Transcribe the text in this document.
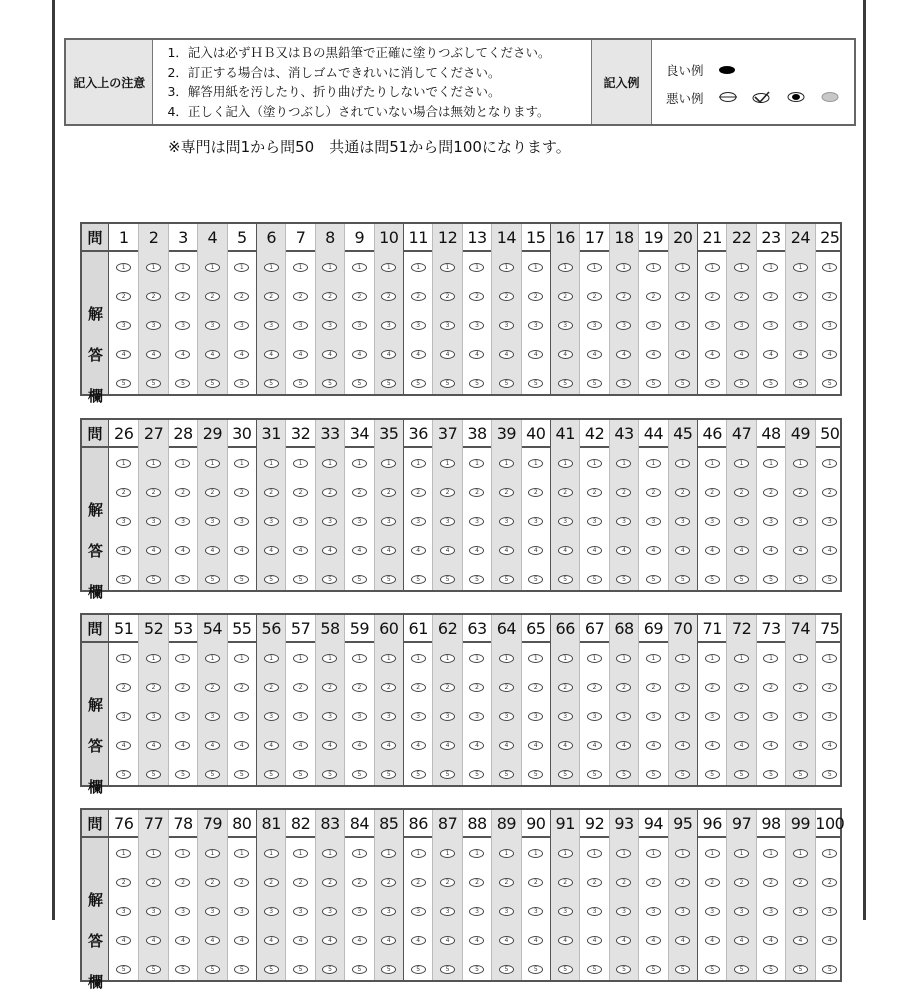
記入上の注意
1．記入は必ずＨＢ又はＢの黒鉛筆で正確に塗りつぶしてください。
2．訂正する場合は、消しゴムできれいに消してください。
3．解答用紙を汚したり、折り曲げたりしないでください。
4．正しく記入（塗りつぶし）されていない場合は無効となります。
記入例
良い例
悪い例
※専門は問1から問50　共通は問51から問100になります。
問
解
答
欄
1
1
2
3
4
5
2
1
2
3
4
5
3
1
2
3
4
5
4
1
2
3
4
5
5
1
2
3
4
5
6
1
2
3
4
5
7
1
2
3
4
5
8
1
2
3
4
5
9
1
2
3
4
5
10
1
2
3
4
5
11
1
2
3
4
5
12
1
2
3
4
5
13
1
2
3
4
5
14
1
2
3
4
5
15
1
2
3
4
5
16
1
2
3
4
5
17
1
2
3
4
5
18
1
2
3
4
5
19
1
2
3
4
5
20
1
2
3
4
5
21
1
2
3
4
5
22
1
2
3
4
5
23
1
2
3
4
5
24
1
2
3
4
5
25
1
2
3
4
5
問
解
答
欄
26
1
2
3
4
5
27
1
2
3
4
5
28
1
2
3
4
5
29
1
2
3
4
5
30
1
2
3
4
5
31
1
2
3
4
5
32
1
2
3
4
5
33
1
2
3
4
5
34
1
2
3
4
5
35
1
2
3
4
5
36
1
2
3
4
5
37
1
2
3
4
5
38
1
2
3
4
5
39
1
2
3
4
5
40
1
2
3
4
5
41
1
2
3
4
5
42
1
2
3
4
5
43
1
2
3
4
5
44
1
2
3
4
5
45
1
2
3
4
5
46
1
2
3
4
5
47
1
2
3
4
5
48
1
2
3
4
5
49
1
2
3
4
5
50
1
2
3
4
5
問
解
答
欄
51
1
2
3
4
5
52
1
2
3
4
5
53
1
2
3
4
5
54
1
2
3
4
5
55
1
2
3
4
5
56
1
2
3
4
5
57
1
2
3
4
5
58
1
2
3
4
5
59
1
2
3
4
5
60
1
2
3
4
5
61
1
2
3
4
5
62
1
2
3
4
5
63
1
2
3
4
5
64
1
2
3
4
5
65
1
2
3
4
5
66
1
2
3
4
5
67
1
2
3
4
5
68
1
2
3
4
5
69
1
2
3
4
5
70
1
2
3
4
5
71
1
2
3
4
5
72
1
2
3
4
5
73
1
2
3
4
5
74
1
2
3
4
5
75
1
2
3
4
5
問
解
答
欄
76
1
2
3
4
5
77
1
2
3
4
5
78
1
2
3
4
5
79
1
2
3
4
5
80
1
2
3
4
5
81
1
2
3
4
5
82
1
2
3
4
5
83
1
2
3
4
5
84
1
2
3
4
5
85
1
2
3
4
5
86
1
2
3
4
5
87
1
2
3
4
5
88
1
2
3
4
5
89
1
2
3
4
5
90
1
2
3
4
5
91
1
2
3
4
5
92
1
2
3
4
5
93
1
2
3
4
5
94
1
2
3
4
5
95
1
2
3
4
5
96
1
2
3
4
5
97
1
2
3
4
5
98
1
2
3
4
5
99
1
2
3
4
5
100
1
2
3
4
5
